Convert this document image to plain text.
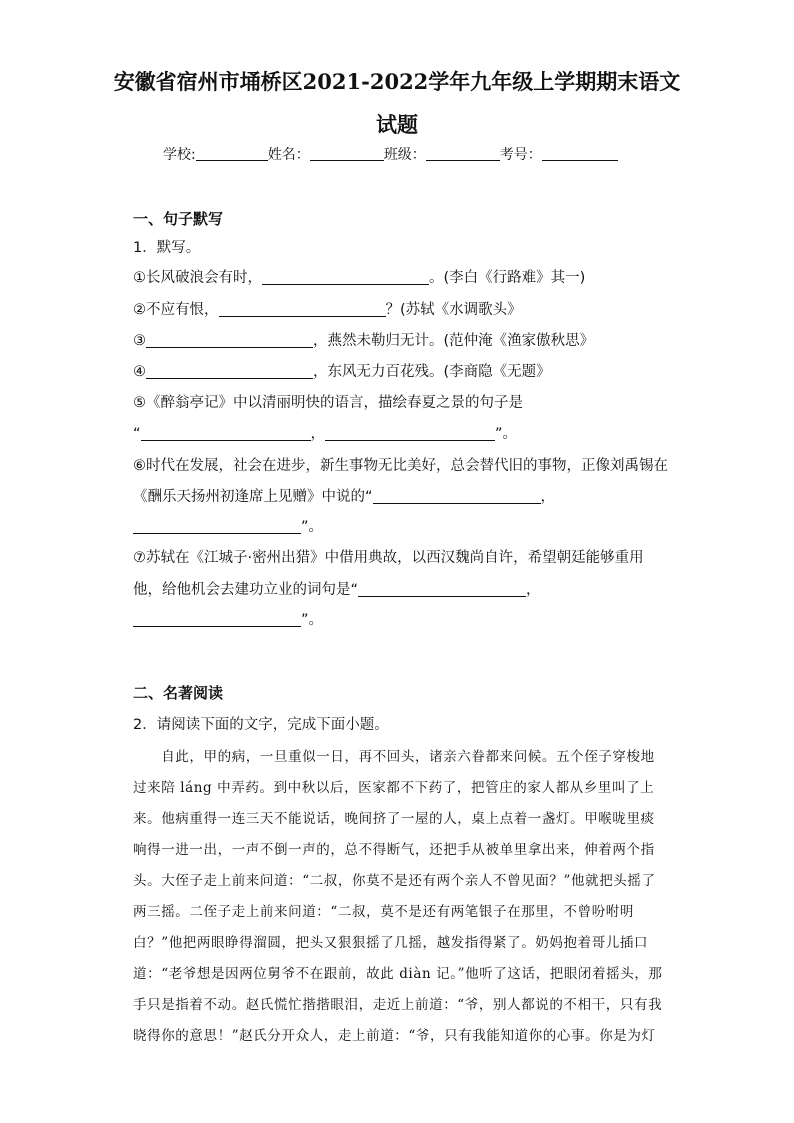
安徽省宿州市埇桥区2021-2022学年九年级上学期期末语文
试题
学校:	姓名：	班级：	考号：
一、句子默写
1．默写。
①长风破浪会有时，	。(李白《行路难》其一)
②不应有恨，	？(苏轼《水调歌头》
③	，燕然未勒归无计。(范仲淹《渔家傲秋思》
④	，东风无力百花残。(李商隐《无题》
⑤《醉翁亭记》中以清丽明快的语言，描绘春夏之景的句子是
“	，	”。
⑥时代在发展，社会在进步，新生事物无比美好，总会替代旧的事物，正像刘禹锡在
《酬乐天扬州初逢席上见赠》中说的“	，
”。
⑦苏轼在《江城子·密州出猎》中借用典故，以西汉魏尚自许，希望朝廷能够重用
他，给他机会去建功立业的词句是“	，
”。
二、名著阅读
2．请阅读下面的文字，完成下面小题。
　　自此，甲的病，一旦重似一日，再不回头，诸亲六眷都来问候。五个侄子穿梭地
过来陪 láng 中弄药。到中秋以后，医家都不下药了，把管庄的家人都从乡里叫了上
来。他病重得一连三天不能说话，晚间挤了一屋的人，桌上点着一盏灯。甲喉咙里痰
响得一进一出，一声不倒一声的，总不得断气，还把手从被单里拿出来，伸着两个指
头。大侄子走上前来问道：“二叔，你莫不是还有两个亲人不曾见面？”他就把头摇了
两三摇。二侄子走上前来问道：“二叔，莫不是还有两笔银子在那里，不曾吩咐明
白？”他把两眼睁得溜圆，把头又狠狠摇了几摇，越发指得紧了。奶妈抱着哥儿插口
道：“老爷想是因两位舅爷不在跟前，故此 diàn 记。”他听了这话，把眼闭着摇头，那
手只是指着不动。赵氏慌忙揩揩眼泪，走近上前道：“爷，别人都说的不相干，只有我
晓得你的意思！”赵氏分开众人，走上前道：“爷，只有我能知道你的心事。你是为灯
